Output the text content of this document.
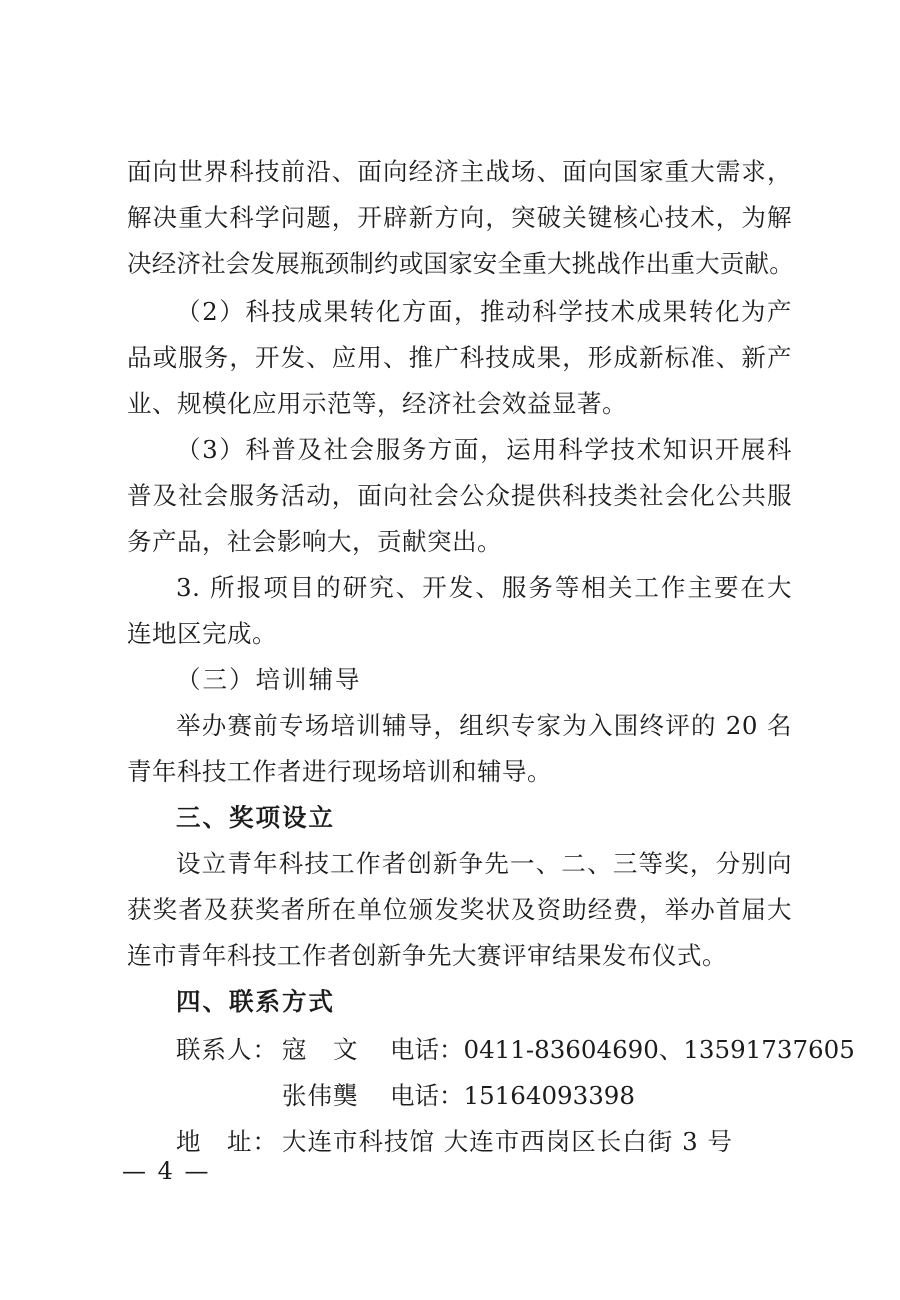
面向世界科技前沿、面向经济主战场、面向国家重大需求，
解决重大科学问题，开辟新方向，突破关键核心技术，为解
决经济社会发展瓶颈制约或国家安全重大挑战作出重大贡献。
（2）科技成果转化方面，推动科学技术成果转化为产
品或服务，开发、应用、推广科技成果，形成新标准、新产
业、规模化应用示范等，经济社会效益显著。
（3）科普及社会服务方面，运用科学技术知识开展科
普及社会服务活动，面向社会公众提供科技类社会化公共服
务产品，社会影响大，贡献突出。
3. 所报项目的研究、开发、服务等相关工作主要在大
连地区完成。
（三）培训辅导
举办赛前专场培训辅导，组织专家为入围终评的 20 名
青年科技工作者进行现场培训和辅导。
三、奖项设立
设立青年科技工作者创新争先一、二、三等奖，分别向
获奖者及获奖者所在单位颁发奖状及资助经费，举办首届大
连市青年科技工作者创新争先大赛评审结果发布仪式。
四、联系方式
联系人： 寇　文 电话：0411-83604690、13591737605
张伟龑 电话：15164093398
地　址： 大连市科技馆 大连市西岗区长白街 3 号
— 4 —
